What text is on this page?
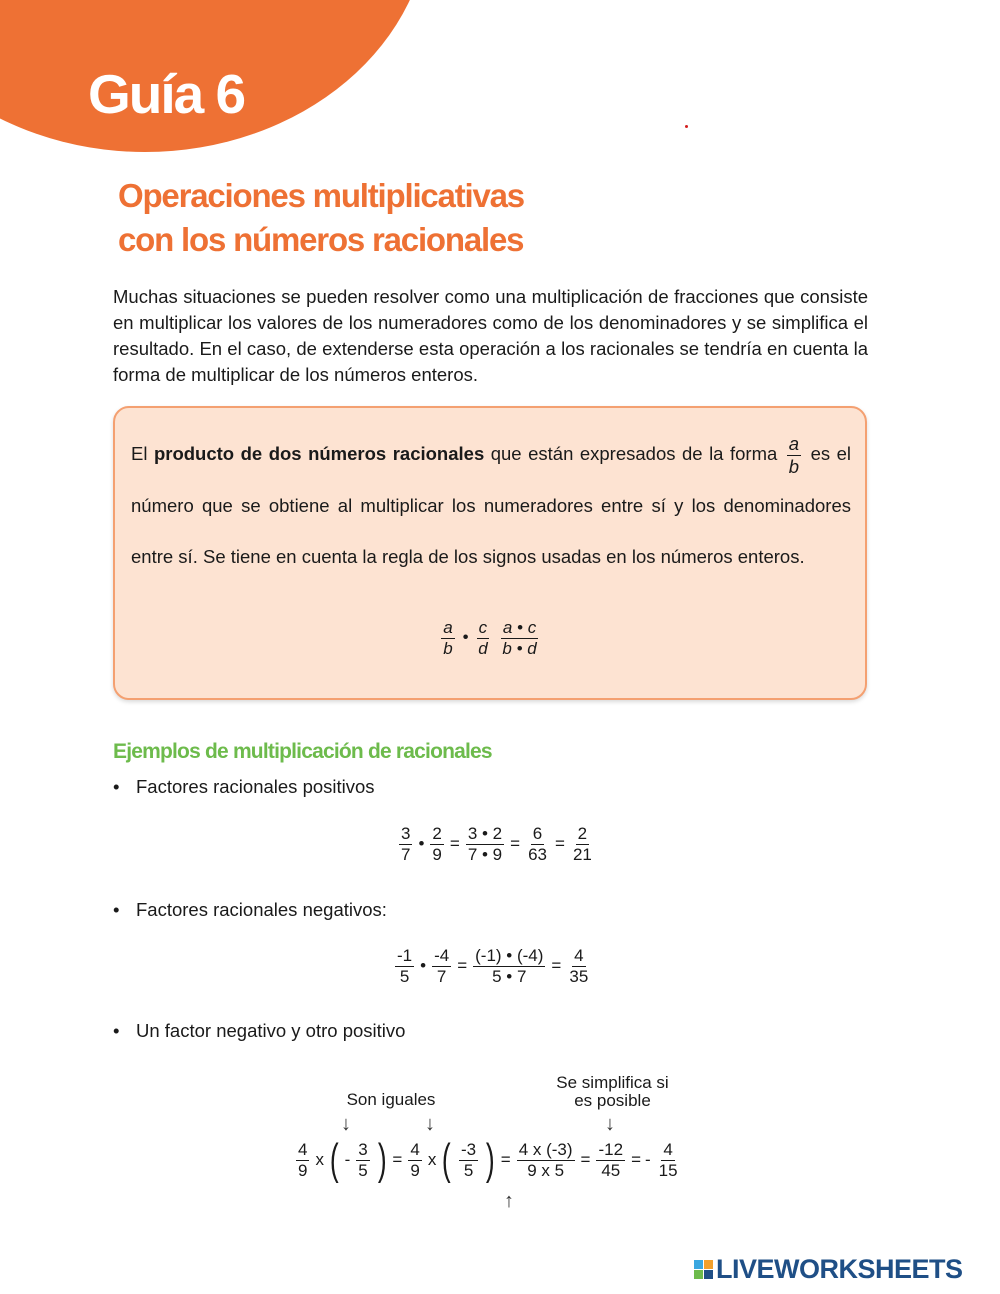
Guía 6
Operaciones multiplicativas
con los números racionales

Muchas situaciones se pueden resolver como una multiplicación de fracciones que consiste en multiplicar los valores de los numeradores como de los denominadores y se simplifica el resultado. En el caso, de extenderse esta operación a los racionales se tendría en cuenta la forma de multiplicar de los números enteros.

El producto de dos números racionales que están expresados de la forma $\frac{a}{b}$ es el número que se obtiene al multiplicar los numeradores entre sí y los denominadores entre sí. Se tiene en cuenta la regla de los signos usadas en los números enteros.

$\frac{a}{b}$ • $\frac{c}{d}$
$\frac{a • c}{b • d}$
Ejemplos de multiplicación de racionales

• Factores racionales positivos

$\frac{3}{7}$ • $\frac{2}{9} = \frac{3 • 2}{7 • 9} = \frac{6}{63} = \frac{2}{21}$

• Factores racionales negativos:

$\frac{-1}{5}$ • $\frac{-4}{7} = \frac{(-1) • (-4)}{5 • 7} = \frac{4}{35}$

• Un factor negativo y otro positivo

Son iguales

↓	↓

Se simplifica si
es posible

↓
$\frac{4}{9}$ x ( - $\frac{3}{5}$ ) = $\frac{4}{9}$ x ( $\frac{-3}{5}$ ) = $\frac{4 x (-3)}{9 x 5} = \frac{-12}{45}$ = - $\frac{4}{15}$
↑
LIVEWORKSHEETS
